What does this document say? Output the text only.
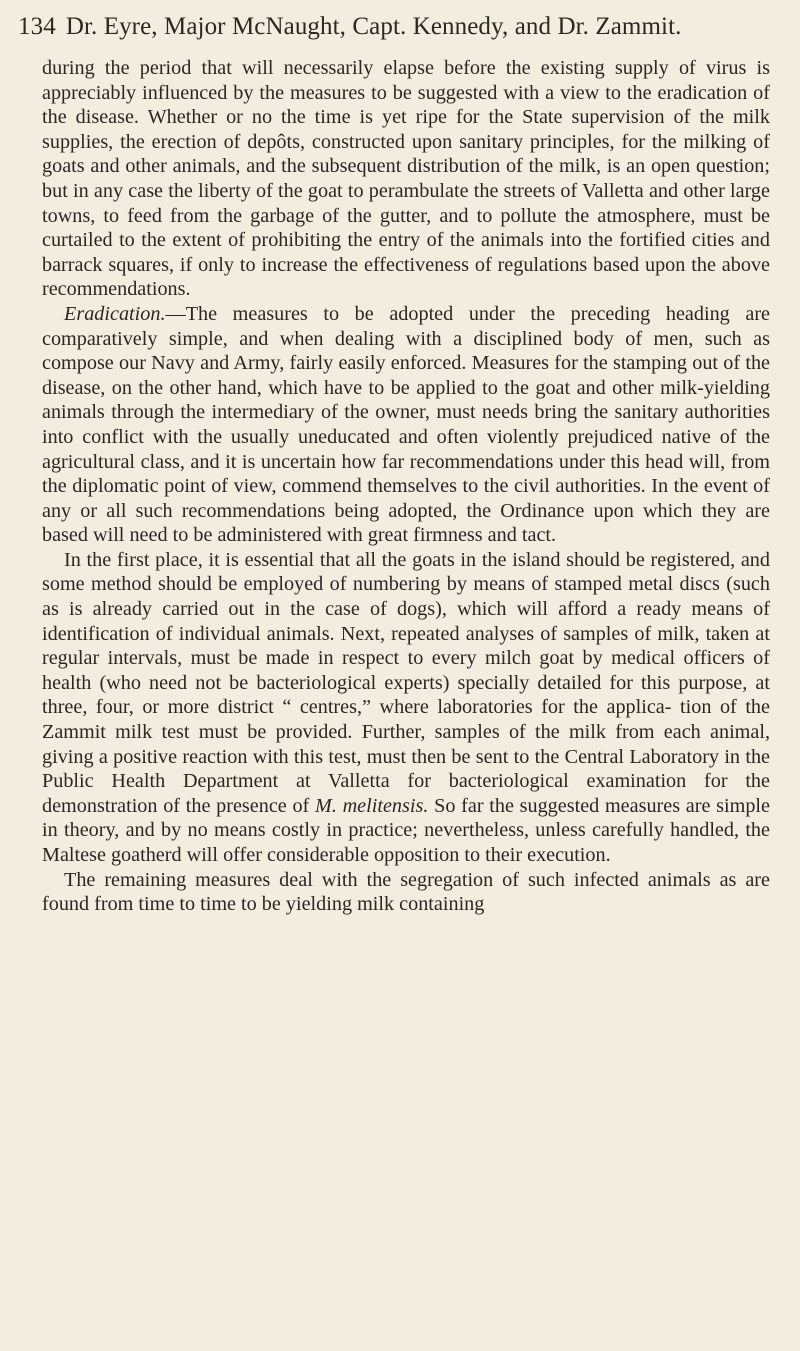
134 Dr. Eyre, Major McNaught, Capt. Kennedy, and Dr. Zammit.

during the period that will necessarily elapse before the existing supply of virus is appreciably influenced by the measures to be suggested with a view to the eradication of the disease. Whether or no the time is yet ripe for the State supervision of the milk supplies, the erection of depôts, constructed upon sanitary principles, for the milking of goats and other animals, and the subsequent distribution of the milk, is an open question; but in any case the liberty of the goat to perambulate the streets of Valletta and other large towns, to feed from the garbage of the gutter, and to pollute the atmosphere, must be curtailed to the extent of prohibiting the entry of the animals into the fortified cities and barrack squares, if only to increase the effectiveness of regulations based upon the above recommendations.

Eradication.—The measures to be adopted under the preceding heading are comparatively simple, and when dealing with a disciplined body of men, such as compose our Navy and Army, fairly easily enforced. Measures for the stamping out of the disease, on the other hand, which have to be applied to the goat and other milk-yielding animals through the intermediary of the owner, must needs bring the sanitary authorities into conflict with the usually uneducated and often violently prejudiced native of the agricultural class, and it is uncertain how far recommendations under this head will, from the diplomatic point of view, commend themselves to the civil authorities. In the event of any or all such recommendations being adopted, the Ordinance upon which they are based will need to be administered with great firmness and tact.

In the first place, it is essential that all the goats in the island should be registered, and some method should be employed of numbering by means of stamped metal discs (such as is already carried out in the case of dogs), which will afford a ready means of identification of individual animals. Next, repeated analyses of samples of milk, taken at regular intervals, must be made in respect to every milch goat by medical officers of health (who need not be bacteriological experts) specially detailed for this purpose, at three, four, or more district “ centres,” where laboratories for the applica- tion of the Zammit milk test must be provided. Further, samples of the milk from each animal, giving a positive reaction with this test, must then be sent to the Central Laboratory in the Public Health Department at Valletta for bacteriological examination for the demonstration of the presence of M. melitensis. So far the suggested measures are simple in theory, and by no means costly in practice; nevertheless, unless carefully handled, the Maltese goatherd will offer considerable opposition to their execution.

The remaining measures deal with the segregation of such infected animals as are found from time to time to be yielding milk containing
